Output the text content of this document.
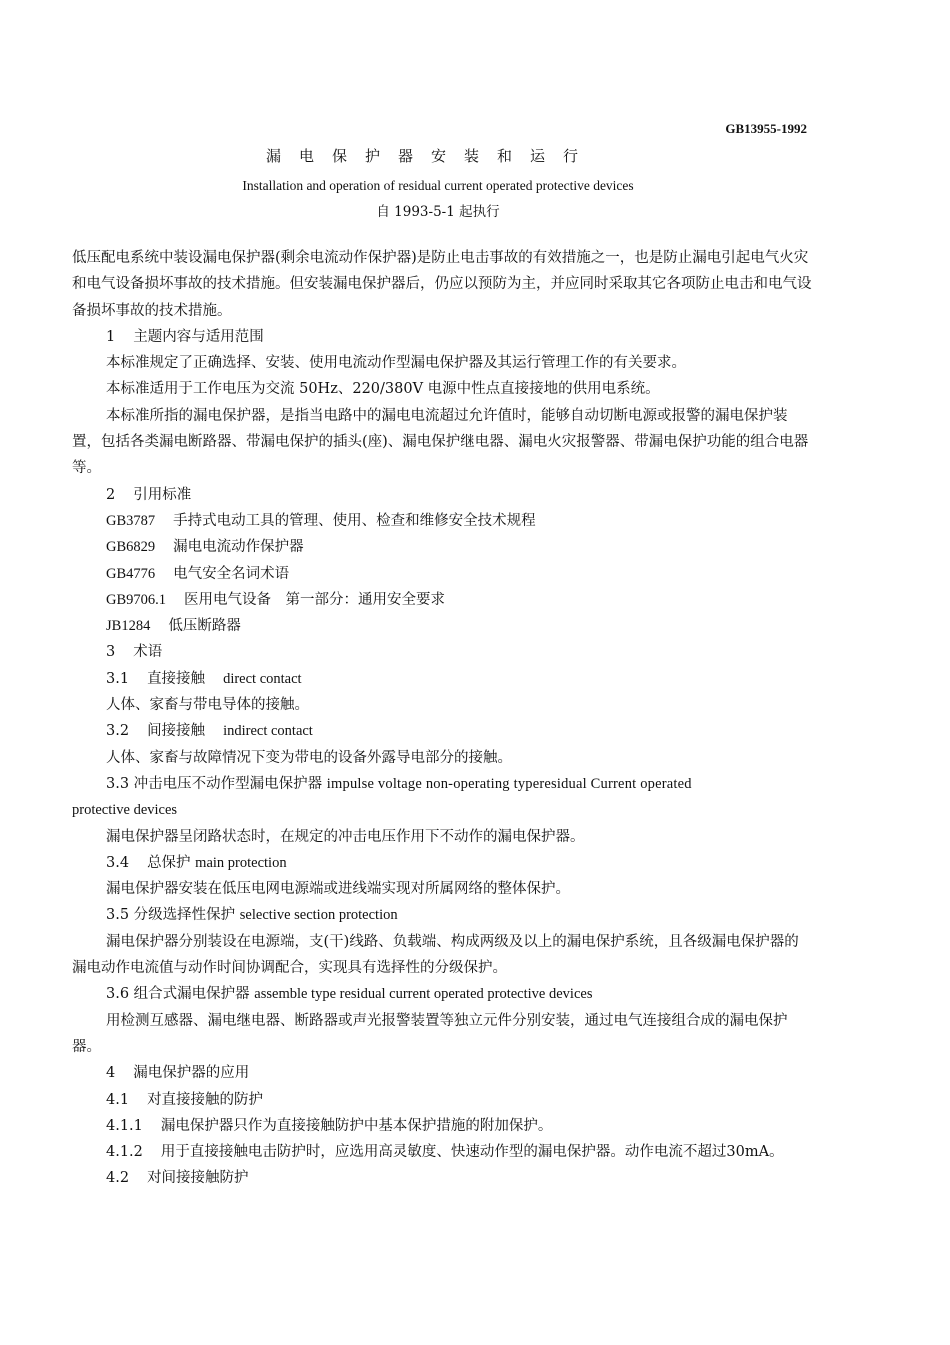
GB13955-1992
漏电保护器安装和运行
Installation and operation of residual current operated protective devices
自 1993-5-1 起执行

低压配电系统中装设漏电保护器(剩余电流动作保护器)是防止电击事故的有效措施之一，也是防止漏电引起电气火灾和电气设备损坏事故的技术措施。但安装漏电保护器后，仍应以预防为主，并应同时采取其它各项防止电击和电气设备损坏事故的技术措施。

1 主题内容与适用范围

本标准规定了正确选择、安装、使用电流动作型漏电保护器及其运行管理工作的有关要求。

本标准适用于工作电压为交流 50Hz、220/380V 电源中性点直接接地的供用电系统。

本标准所指的漏电保护器，是指当电路中的漏电电流超过允许值时，能够自动切断电源或报警的漏电保护装置，包括各类漏电断路器、带漏电保护的插头(座)、漏电保护继电器、漏电火灾报警器、带漏电保护功能的组合电器等。

2 引用标准

GB3787 手持式电动工具的管理、使用、检查和维修安全技术规程

GB6829 漏电电流动作保护器

GB4776 电气安全名词术语

GB9706.1 医用电气设备　第一部分：通用安全要求

JB1284 低压断路器

3 术语

3.1 直接接触 direct contact

人体、家畜与带电导体的接触。

3.2 间接接触 indirect contact

人体、家畜与故障情况下变为带电的设备外露导电部分的接触。

3.3 冲击电压不动作型漏电保护器 impulse voltage non-operating typeresidual Current operated

protective devices

漏电保护器呈闭路状态时，在规定的冲击电压作用下不动作的漏电保护器。

3.4 总保护 main protection

漏电保护器安装在低压电网电源端或进线端实现对所属网络的整体保护。

3.5 分级选择性保护 selective section protection

漏电保护器分别装设在电源端，支(干)线路、负载端、构成两级及以上的漏电保护系统，且各级漏电保护器的漏电动作电流值与动作时间协调配合，实现具有选择性的分级保护。

3.6 组合式漏电保护器 assemble type residual current operated protective devices

用检测互感器、漏电继电器、断路器或声光报警装置等独立元件分别安装，通过电气连接组合成的漏电保护器。

4 漏电保护器的应用

4.1 对直接接触的防护

4.1.1 漏电保护器只作为直接接触防护中基本保护措施的附加保护。

4.1.2 用于直接接触电击防护时，应选用高灵敏度、快速动作型的漏电保护器。动作电流不超过30mA。

4.2 对间接接触防护
